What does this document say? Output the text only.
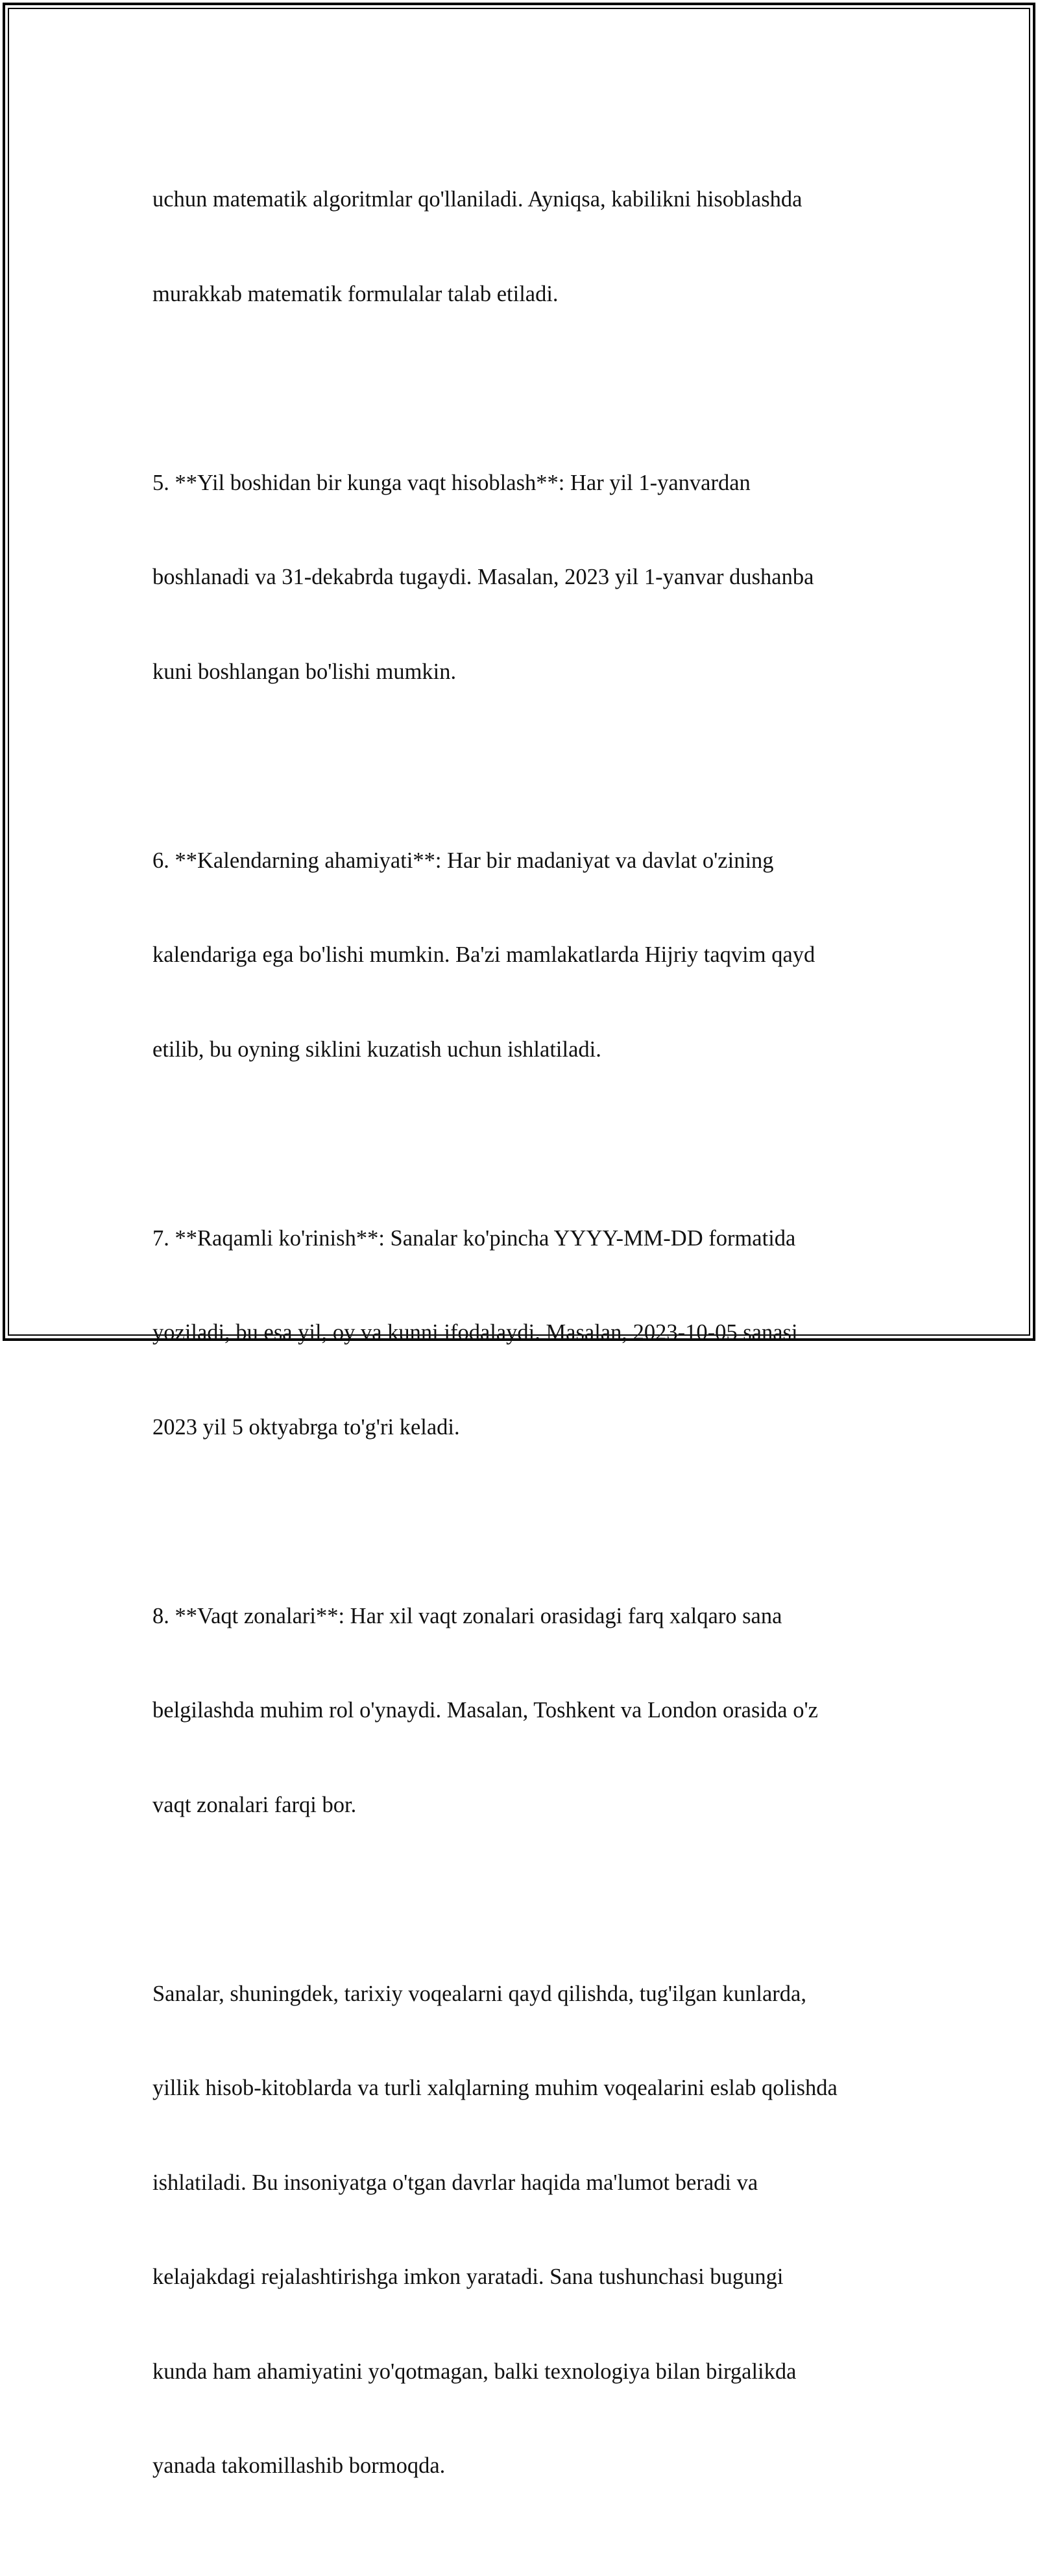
uchun matematik algoritmlar qo'llaniladi. Ayniqsa, kabilikni hisoblashda

murakkab matematik formulalar talab etiladi.

5. **Yil boshidan bir kunga vaqt hisoblash**: Har yil 1-yanvardan

boshlanadi va 31-dekabrda tugaydi. Masalan, 2023 yil 1-yanvar dushanba

kuni boshlangan bo'lishi mumkin.

6. **Kalendarning ahamiyati**: Har bir madaniyat va davlat o'zining

kalendariga ega bo'lishi mumkin. Ba'zi mamlakatlarda Hijriy taqvim qayd

etilib, bu oyning siklini kuzatish uchun ishlatiladi.

7. **Raqamli ko'rinish**: Sanalar ko'pincha YYYY-MM-DD formatida

yoziladi, bu esa yil, oy va kunni ifodalaydi. Masalan, 2023-10-05 sanasi

2023 yil 5 oktyabrga to'g'ri keladi.

8. **Vaqt zonalari**: Har xil vaqt zonalari orasidagi farq xalqaro sana

belgilashda muhim rol o'ynaydi. Masalan, Toshkent va London orasida o'z

vaqt zonalari farqi bor.

Sanalar, shuningdek, tarixiy voqealarni qayd qilishda, tug'ilgan kunlarda,

yillik hisob-kitoblarda va turli xalqlarning muhim voqealarini eslab qolishda

ishlatiladi. Bu insoniyatga o'tgan davrlar haqida ma'lumot beradi va

kelajakdagi rejalashtirishga imkon yaratadi. Sana tushunchasi bugungi

kunda ham ahamiyatini yo'qotmagan, balki texnologiya bilan birgalikda

yanada takomillashib bormoqda.
